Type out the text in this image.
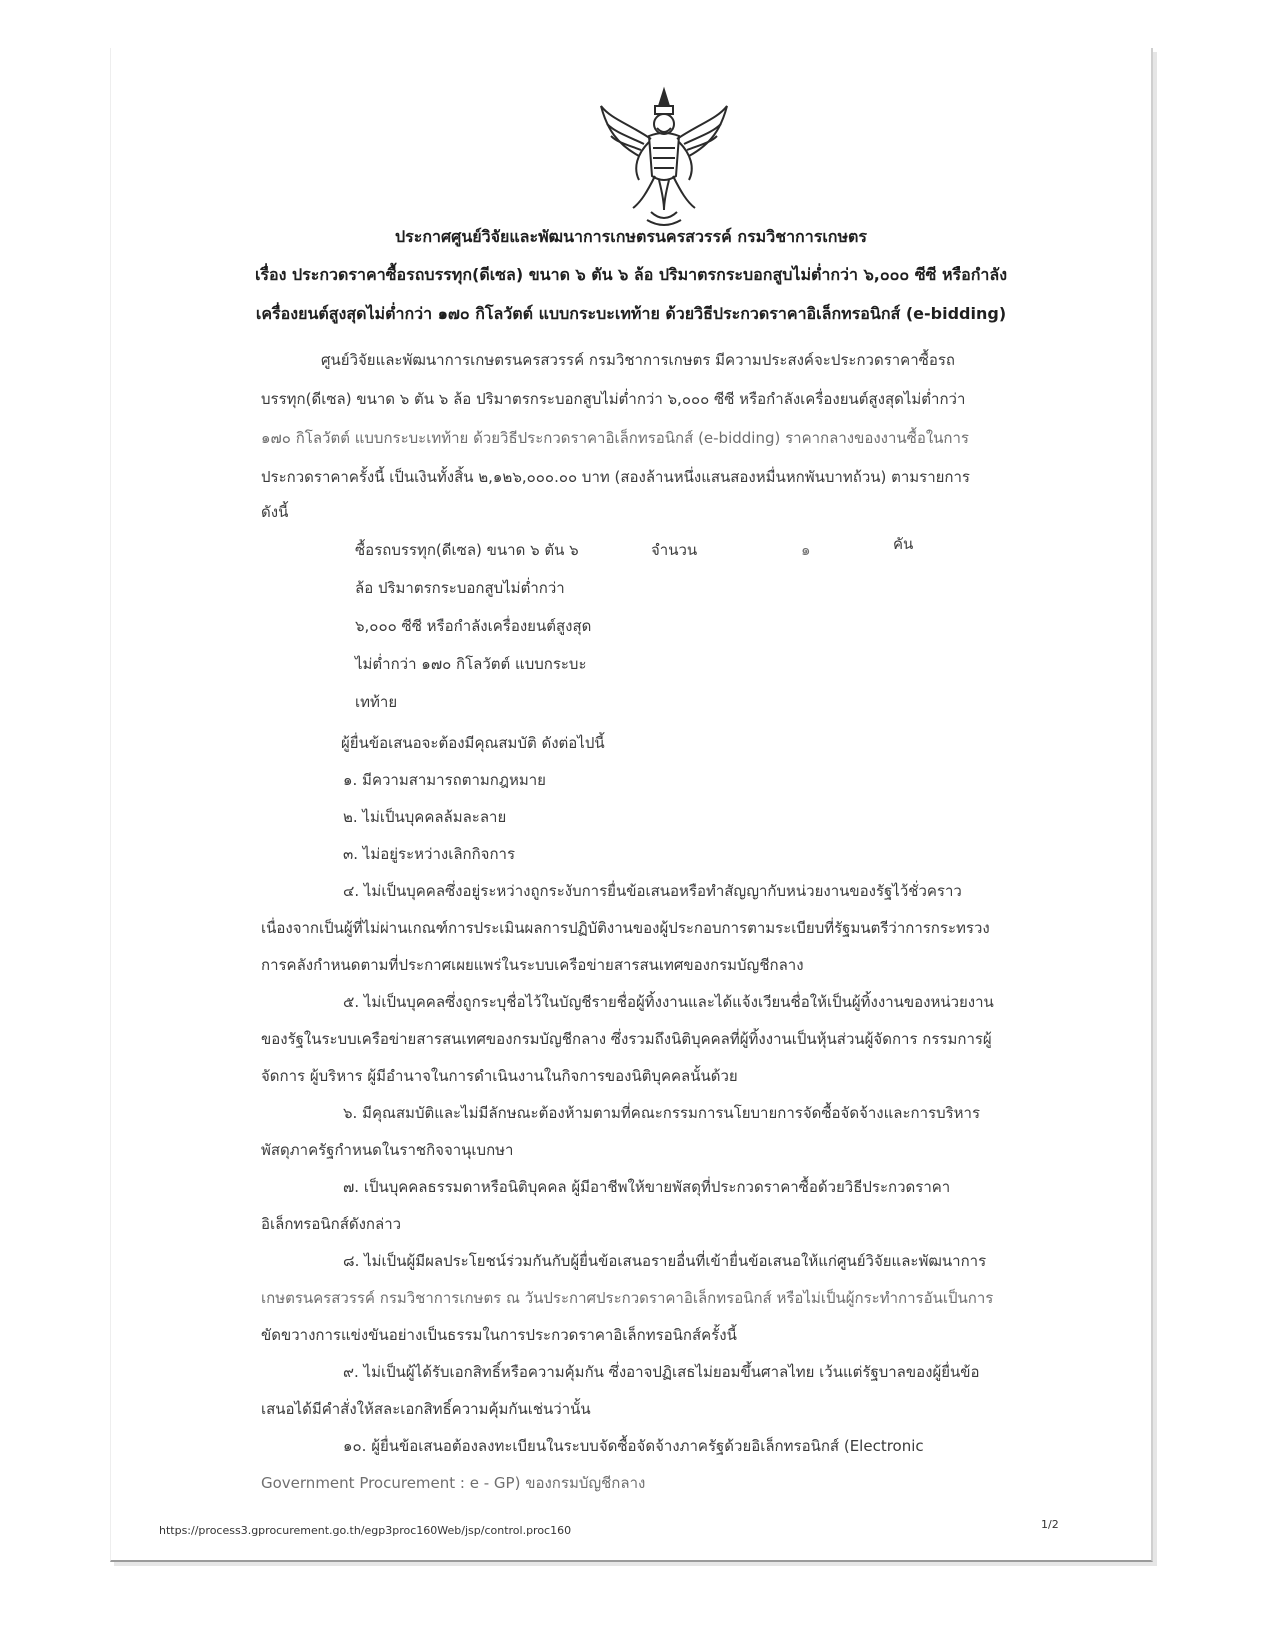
ประกาศศูนย์วิจัยและพัฒนาการเกษตรนครสวรรค์ กรมวิชาการเกษตร
เรื่อง ประกวดราคาซื้อรถบรรทุก(ดีเซล) ขนาด ๖ ตัน ๖ ล้อ ปริมาตรกระบอกสูบไม่ต่ำกว่า ๖,๐๐๐ ซีซี หรือกำลัง
เครื่องยนต์สูงสุดไม่ต่ำกว่า ๑๗๐ กิโลวัตต์ แบบกระบะเทท้าย ด้วยวิธีประกวดราคาอิเล็กทรอนิกส์ (e-bidding)
ศูนย์วิจัยและพัฒนาการเกษตรนครสวรรค์ กรมวิชาการเกษตร มีความประสงค์จะประกวดราคาซื้อรถ
บรรทุก(ดีเซล) ขนาด ๖ ตัน ๖ ล้อ ปริมาตรกระบอกสูบไม่ต่ำกว่า ๖,๐๐๐ ซีซี หรือกำลังเครื่องยนต์สูงสุดไม่ต่ำกว่า
๑๗๐ กิโลวัตต์ แบบกระบะเทท้าย ด้วยวิธีประกวดราคาอิเล็กทรอนิกส์ (e-bidding) ราคากลางของงานซื้อในการ
ประกวดราคาครั้งนี้ เป็นเงินทั้งสิ้น ๒,๑๒๖,๐๐๐.๐๐ บาท (สองล้านหนึ่งแสนสองหมื่นหกพันบาทถ้วน) ตามรายการ
ดังนี้
ซื้อรถบรรทุก(ดีเซล) ขนาด ๖ ตัน ๖
ล้อ ปริมาตรกระบอกสูบไม่ต่ำกว่า
๖,๐๐๐ ซีซี หรือกำลังเครื่องยนต์สูงสุด
ไม่ต่ำกว่า ๑๗๐ กิโลวัตต์ แบบกระบะ
เทท้าย
จำนวน	๑	คัน
ผู้ยื่นข้อเสนอจะต้องมีคุณสมบัติ ดังต่อไปนี้
๑. มีความสามารถตามกฎหมาย
๒. ไม่เป็นบุคคลล้มละลาย
๓. ไม่อยู่ระหว่างเลิกกิจการ
๔. ไม่เป็นบุคคลซึ่งอยู่ระหว่างถูกระงับการยื่นข้อเสนอหรือทำสัญญากับหน่วยงานของรัฐไว้ชั่วคราว
เนื่องจากเป็นผู้ที่ไม่ผ่านเกณฑ์การประเมินผลการปฏิบัติงานของผู้ประกอบการตามระเบียบที่รัฐมนตรีว่าการกระทรวง
การคลังกำหนดตามที่ประกาศเผยแพร่ในระบบเครือข่ายสารสนเทศของกรมบัญชีกลาง
๕. ไม่เป็นบุคคลซึ่งถูกระบุชื่อไว้ในบัญชีรายชื่อผู้ทิ้งงานและได้แจ้งเวียนชื่อให้เป็นผู้ทิ้งงานของหน่วยงาน
ของรัฐในระบบเครือข่ายสารสนเทศของกรมบัญชีกลาง ซึ่งรวมถึงนิติบุคคลที่ผู้ทิ้งงานเป็นหุ้นส่วนผู้จัดการ กรรมการผู้
จัดการ ผู้บริหาร ผู้มีอำนาจในการดำเนินงานในกิจการของนิติบุคคลนั้นด้วย
๖. มีคุณสมบัติและไม่มีลักษณะต้องห้ามตามที่คณะกรรมการนโยบายการจัดซื้อจัดจ้างและการบริหาร
พัสดุภาครัฐกำหนดในราชกิจจานุเบกษา
๗. เป็นบุคคลธรรมดาหรือนิติบุคคล ผู้มีอาชีพให้ขายพัสดุที่ประกวดราคาซื้อด้วยวิธีประกวดราคา
อิเล็กทรอนิกส์ดังกล่าว
๘. ไม่เป็นผู้มีผลประโยชน์ร่วมกันกับผู้ยื่นข้อเสนอรายอื่นที่เข้ายื่นข้อเสนอให้แก่ศูนย์วิจัยและพัฒนาการ
เกษตรนครสวรรค์ กรมวิชาการเกษตร ณ วันประกาศประกวดราคาอิเล็กทรอนิกส์ หรือไม่เป็นผู้กระทำการอันเป็นการ
ขัดขวางการแข่งขันอย่างเป็นธรรมในการประกวดราคาอิเล็กทรอนิกส์ครั้งนี้
๙. ไม่เป็นผู้ได้รับเอกสิทธิ์หรือความคุ้มกัน ซึ่งอาจปฏิเสธไม่ยอมขึ้นศาลไทย เว้นแต่รัฐบาลของผู้ยื่นข้อ
เสนอได้มีคำสั่งให้สละเอกสิทธิ์ความคุ้มกันเช่นว่านั้น
๑๐. ผู้ยื่นข้อเสนอต้องลงทะเบียนในระบบจัดซื้อจัดจ้างภาครัฐด้วยอิเล็กทรอนิกส์ (Electronic
Government Procurement : e - GP) ของกรมบัญชีกลาง
https://process3.gprocurement.go.th/egp3proc160Web/jsp/control.proc160	1/2
